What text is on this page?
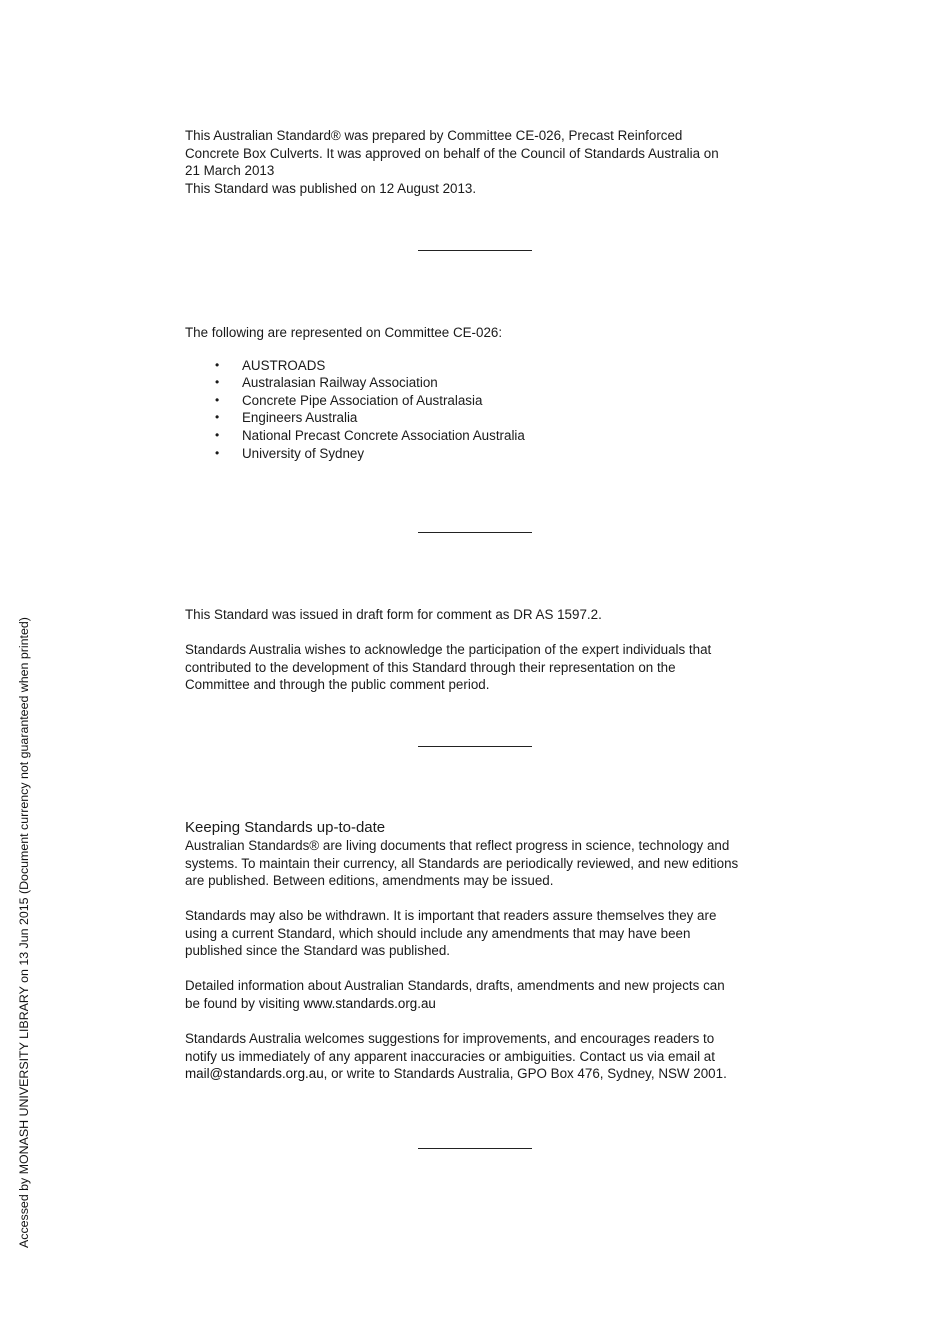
This Australian Standard® was prepared by Committee CE-026, Precast Reinforced

Concrete Box Culverts. It was approved on behalf of the Council of Standards Australia on

21 March 2013

This Standard was published on 12 August 2013.

The following are represented on Committee CE-026:

• AUSTROADS
• Australasian Railway Association
• Concrete Pipe Association of Australasia
• Engineers Australia
• National Precast Concrete Association Australia
• University of Sydney

This Standard was issued in draft form for comment as DR AS 1597.2.

Standards Australia wishes to acknowledge the participation of the expert individuals that

contributed to the development of this Standard through their representation on the

Committee and through the public comment period.

Keeping Standards up-to-date

Australian Standards® are living documents that reflect progress in science, technology and

systems. To maintain their currency, all Standards are periodically reviewed, and new editions

are published. Between editions, amendments may be issued.

Standards may also be withdrawn. It is important that readers assure themselves they are

using a current Standard, which should include any amendments that may have been

published since the Standard was published.

Detailed information about Australian Standards, drafts, amendments and new projects can

be found by visiting www.standards.org.au

Standards Australia welcomes suggestions for improvements, and encourages readers to

notify us immediately of any apparent inaccuracies or ambiguities. Contact us via email at

mail@standards.org.au, or write to Standards Australia, GPO Box 476, Sydney, NSW 2001.

Accessed by MONASH UNIVERSITY LIBRARY on 13 Jun 2015 (Document currency not guaranteed when printed)
